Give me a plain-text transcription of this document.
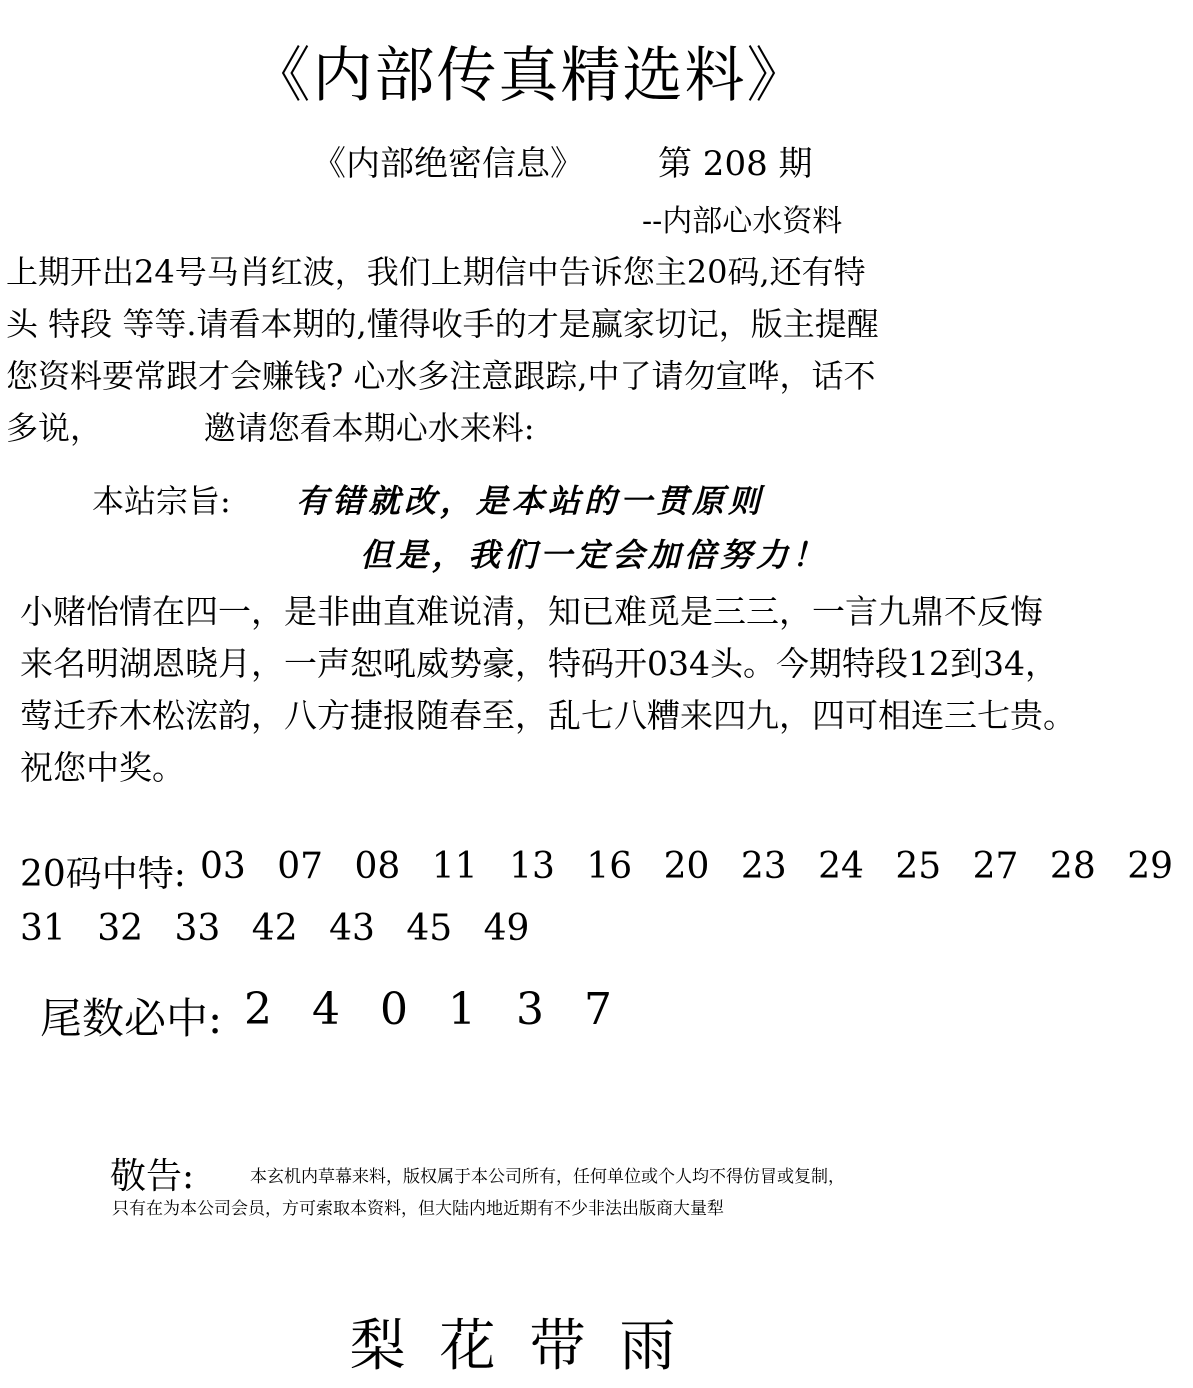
《内部传真精选料》
《内部绝密信息》 第 208 期
--内部心水资料
上期开出24号马肖红波，我们上期信中告诉您主20码,还有特
头 特段 等等.请看本期的,懂得收手的才是赢家切记，版主提醒
您资料要常跟才会赚钱? 心水多注意跟踪,中了请勿宣哗，话不
多说，          邀请您看本期心水来料:
本站宗旨: 有错就改，是本站的一贯原则
但是，我们一定会加倍努力！
小赌怡情在四一，是非曲直难说清，知已难觅是三三，一言九鼎不反悔
来名明湖恩晓月，一声恕吼威势豪，特码开034头。今期特段12到34，
莺迁乔木松浤韵，八方捷报随春至，乱七八糟来四九，四可相连三七贵。
祝您中奖。
20码中特: 03 07 08 11 13 16 20 23 24 25 27 28 29
31 32 33 42 43 45 49
尾数必中: 2 4 0 1 3 7
敬告:	本玄机内草幕来料，版权属于本公司所有，任何单位或个人均不得仿冒或复制，
只有在为本公司会员，方可索取本资料，但大陆内地近期有不少非法出版商大量犁
梨花带雨
